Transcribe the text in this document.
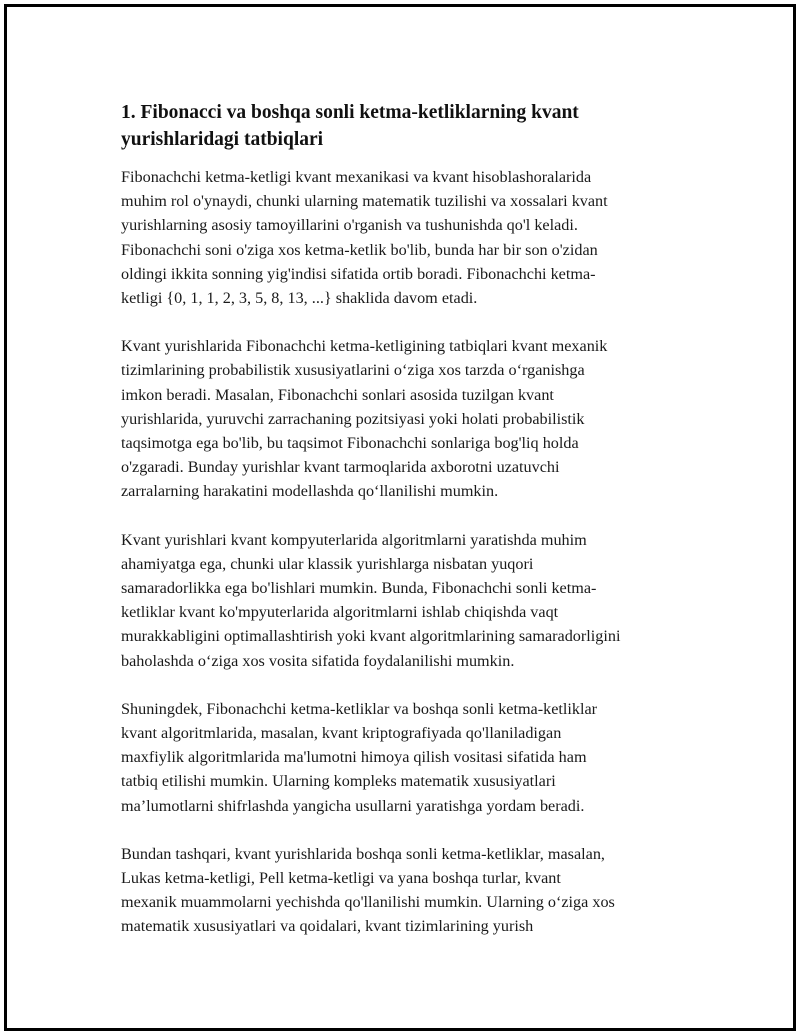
1. Fibonacci va boshqa sonli ketma-ketliklarning kvant
yurishlaridagi tatbiqlari

Fibonachchi ketma-ketligi kvant mexanikasi va kvant hisoblashoralarida
muhim rol o'ynaydi, chunki ularning matematik tuzilishi va xossalari kvant
yurishlarning asosiy tamoyillarini o'rganish va tushunishda qo'l keladi.
Fibonachchi soni o'ziga xos ketma-ketlik bo'lib, bunda har bir son o'zidan
oldingi ikkita sonning yig'indisi sifatida ortib boradi. Fibonachchi ketma-
ketligi {0, 1, 1, 2, 3, 5, 8, 13, ...} shaklida davom etadi.

Kvant yurishlarida Fibonachchi ketma-ketligining tatbiqlari kvant mexanik
tizimlarining probabilistik xususiyatlarini o‘ziga xos tarzda o‘rganishga
imkon beradi. Masalan, Fibonachchi sonlari asosida tuzilgan kvant
yurishlarida, yuruvchi zarrachaning pozitsiyasi yoki holati probabilistik
taqsimotga ega bo'lib, bu taqsimot Fibonachchi sonlariga bog'liq holda
o'zgaradi. Bunday yurishlar kvant tarmoqlarida axborotni uzatuvchi
zarralarning harakatini modellashda qo‘llanilishi mumkin.

Kvant yurishlari kvant kompyuterlarida algoritmlarni yaratishda muhim
ahamiyatga ega, chunki ular klassik yurishlarga nisbatan yuqori
samaradorlikka ega bo'lishlari mumkin. Bunda, Fibonachchi sonli ketma-
ketliklar kvant ko'mpyuterlarida algoritmlarni ishlab chiqishda vaqt
murakkabligini optimallashtirish yoki kvant algoritmlarining samaradorligini
baholashda o‘ziga xos vosita sifatida foydalanilishi mumkin.

Shuningdek, Fibonachchi ketma-ketliklar va boshqa sonli ketma-ketliklar
kvant algoritmlarida, masalan, kvant kriptografiyada qo'llaniladigan
maxfiylik algoritmlarida ma'lumotni himoya qilish vositasi sifatida ham
tatbiq etilishi mumkin. Ularning kompleks matematik xususiyatlari
ma’lumotlarni shifrlashda yangicha usullarni yaratishga yordam beradi.

Bundan tashqari, kvant yurishlarida boshqa sonli ketma-ketliklar, masalan,
Lukas ketma-ketligi, Pell ketma-ketligi va yana boshqa turlar, kvant
mexanik muammolarni yechishda qo'llanilishi mumkin. Ularning o‘ziga xos
matematik xususiyatlari va qoidalari, kvant tizimlarining yurish
